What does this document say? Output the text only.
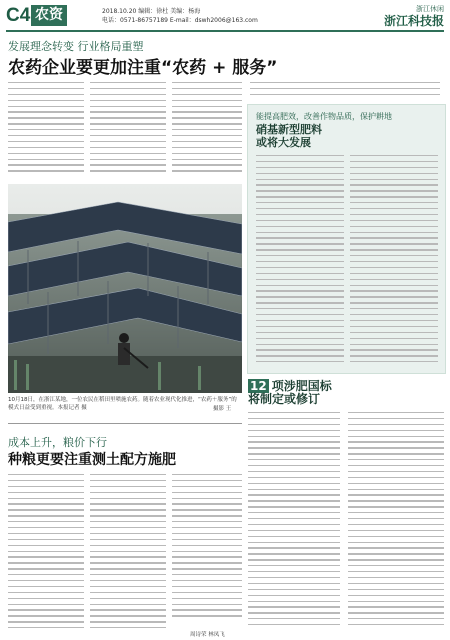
C4 农资	2018.10.20 编辑：徐杜 美编：杨海
电话：0571-86757189 E-mail：dswh2006@163.com
浙江休闲
浙江科技报
发展理念转变 行业格局重塑
农药企业要更加注重“农药 + 服务”
10月18日，在浙江某地，一位农民在稻田里喷施农药。随着农业现代化推进，“农药＋服务”的模式日益受到重视。本报记者 摄	摄影 王
能提高肥效，改善作物品质，保护耕地
硝基新型肥料
或将大发展
12 项涉肥国标
将制定或修订
成本上升，粮价下行
种粮更要注重测土配方施肥
周诗荣 林凤飞
